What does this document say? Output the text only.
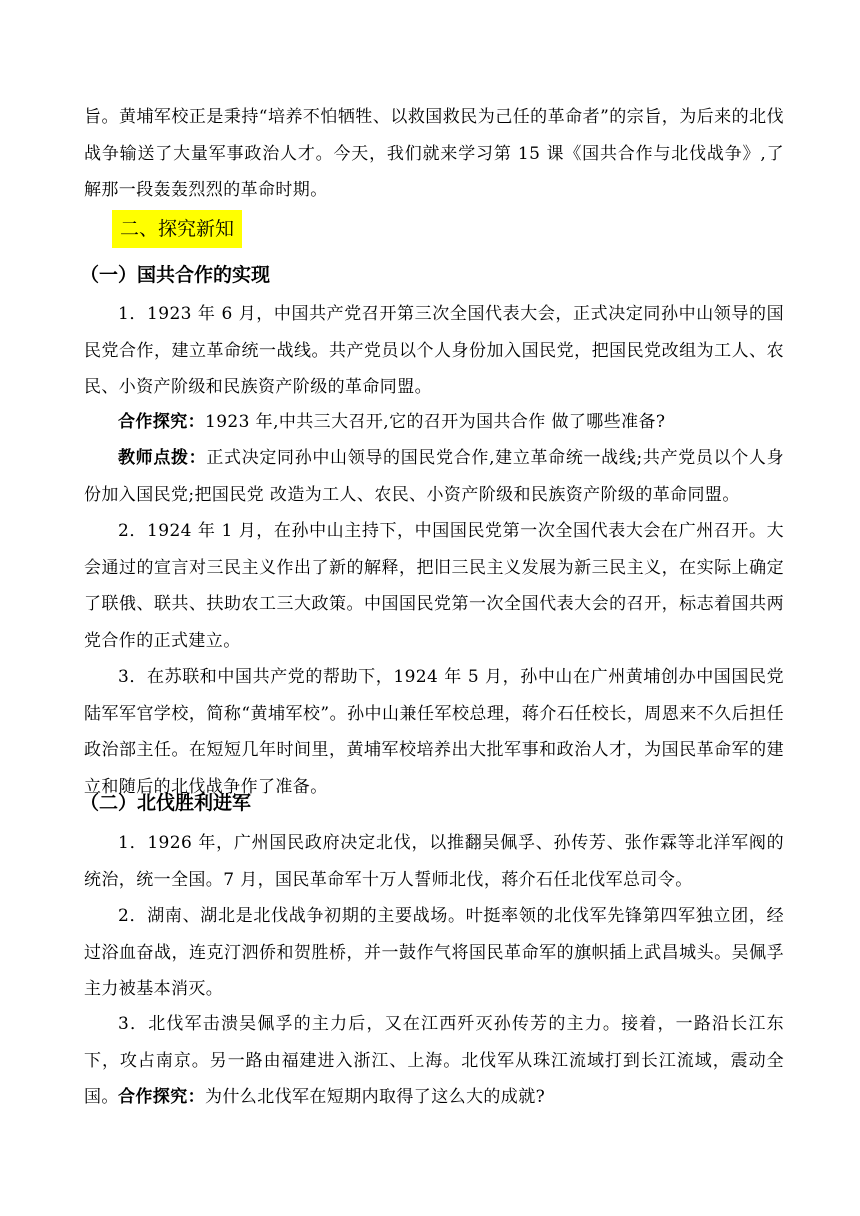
旨。黄埔军校正是秉持“培养不怕牺牲、以救国救民为己任的革命者”的宗旨，为后来的北伐战争输送了大量军事政治人才。今天，我们就来学习第 15 课《国共合作与北伐战争》,了解那一段轰轰烈烈的革命时期。

二、探究新知
（一）国共合作的实现

1．1923 年 6 月，中国共产党召开第三次全国代表大会，正式决定同孙中山领导的国民党合作，建立革命统一战线。共产党员以个人身份加入国民党，把国民党改组为工人、农民、小资产阶级和民族资产阶级的革命同盟。

合作探究：1923 年,中共三大召开,它的召开为国共合作 做了哪些准备?

教师点拨：正式决定同孙中山领导的国民党合作,建立革命统一战线;共产党员以个人身份加入国民党;把国民党 改造为工人、农民、小资产阶级和民族资产阶级的革命同盟。

2．1924 年 1 月，在孙中山主持下，中国国民党第一次全国代表大会在广州召开。大会通过的宣言对三民主义作出了新的解释，把旧三民主义发展为新三民主义，在实际上确定了联俄、联共、扶助农工三大政策。中国国民党第一次全国代表大会的召开，标志着国共两党合作的正式建立。

3．在苏联和中国共产党的帮助下，1924 年 5 月，孙中山在广州黄埔创办中国国民党陆军军官学校，简称“黄埔军校”。孙中山兼任军校总理，蒋介石任校长，周恩来不久后担任政治部主任。在短短几年时间里，黄埔军校培养出大批军事和政治人才，为国民革命军的建立和随后的北伐战争作了准备。

（二）北伐胜利进军

1．1926 年，广州国民政府决定北伐，以推翻吴佩孚、孙传芳、张作霖等北洋军阀的统治，统一全国。7 月，国民革命军十万人誓师北伐，蒋介石任北伐军总司令。

2．湖南、湖北是北伐战争初期的主要战场。叶挺率领的北伐军先锋第四军独立团，经过浴血奋战，连克汀泗侨和贺胜桥，并一鼓作气将国民革命军的旗帜插上武昌城头。吴佩孚主力被基本消灭。

3．北伐军击溃吴佩孚的主力后，又在江西歼灭孙传芳的主力。接着，一路沿长江东下，攻占南京。另一路由福建进入浙江、上海。北伐军从珠江流域打到长江流域，震动全国。 合作探究：为什么北伐军在短期内取得了这么大的成就?
